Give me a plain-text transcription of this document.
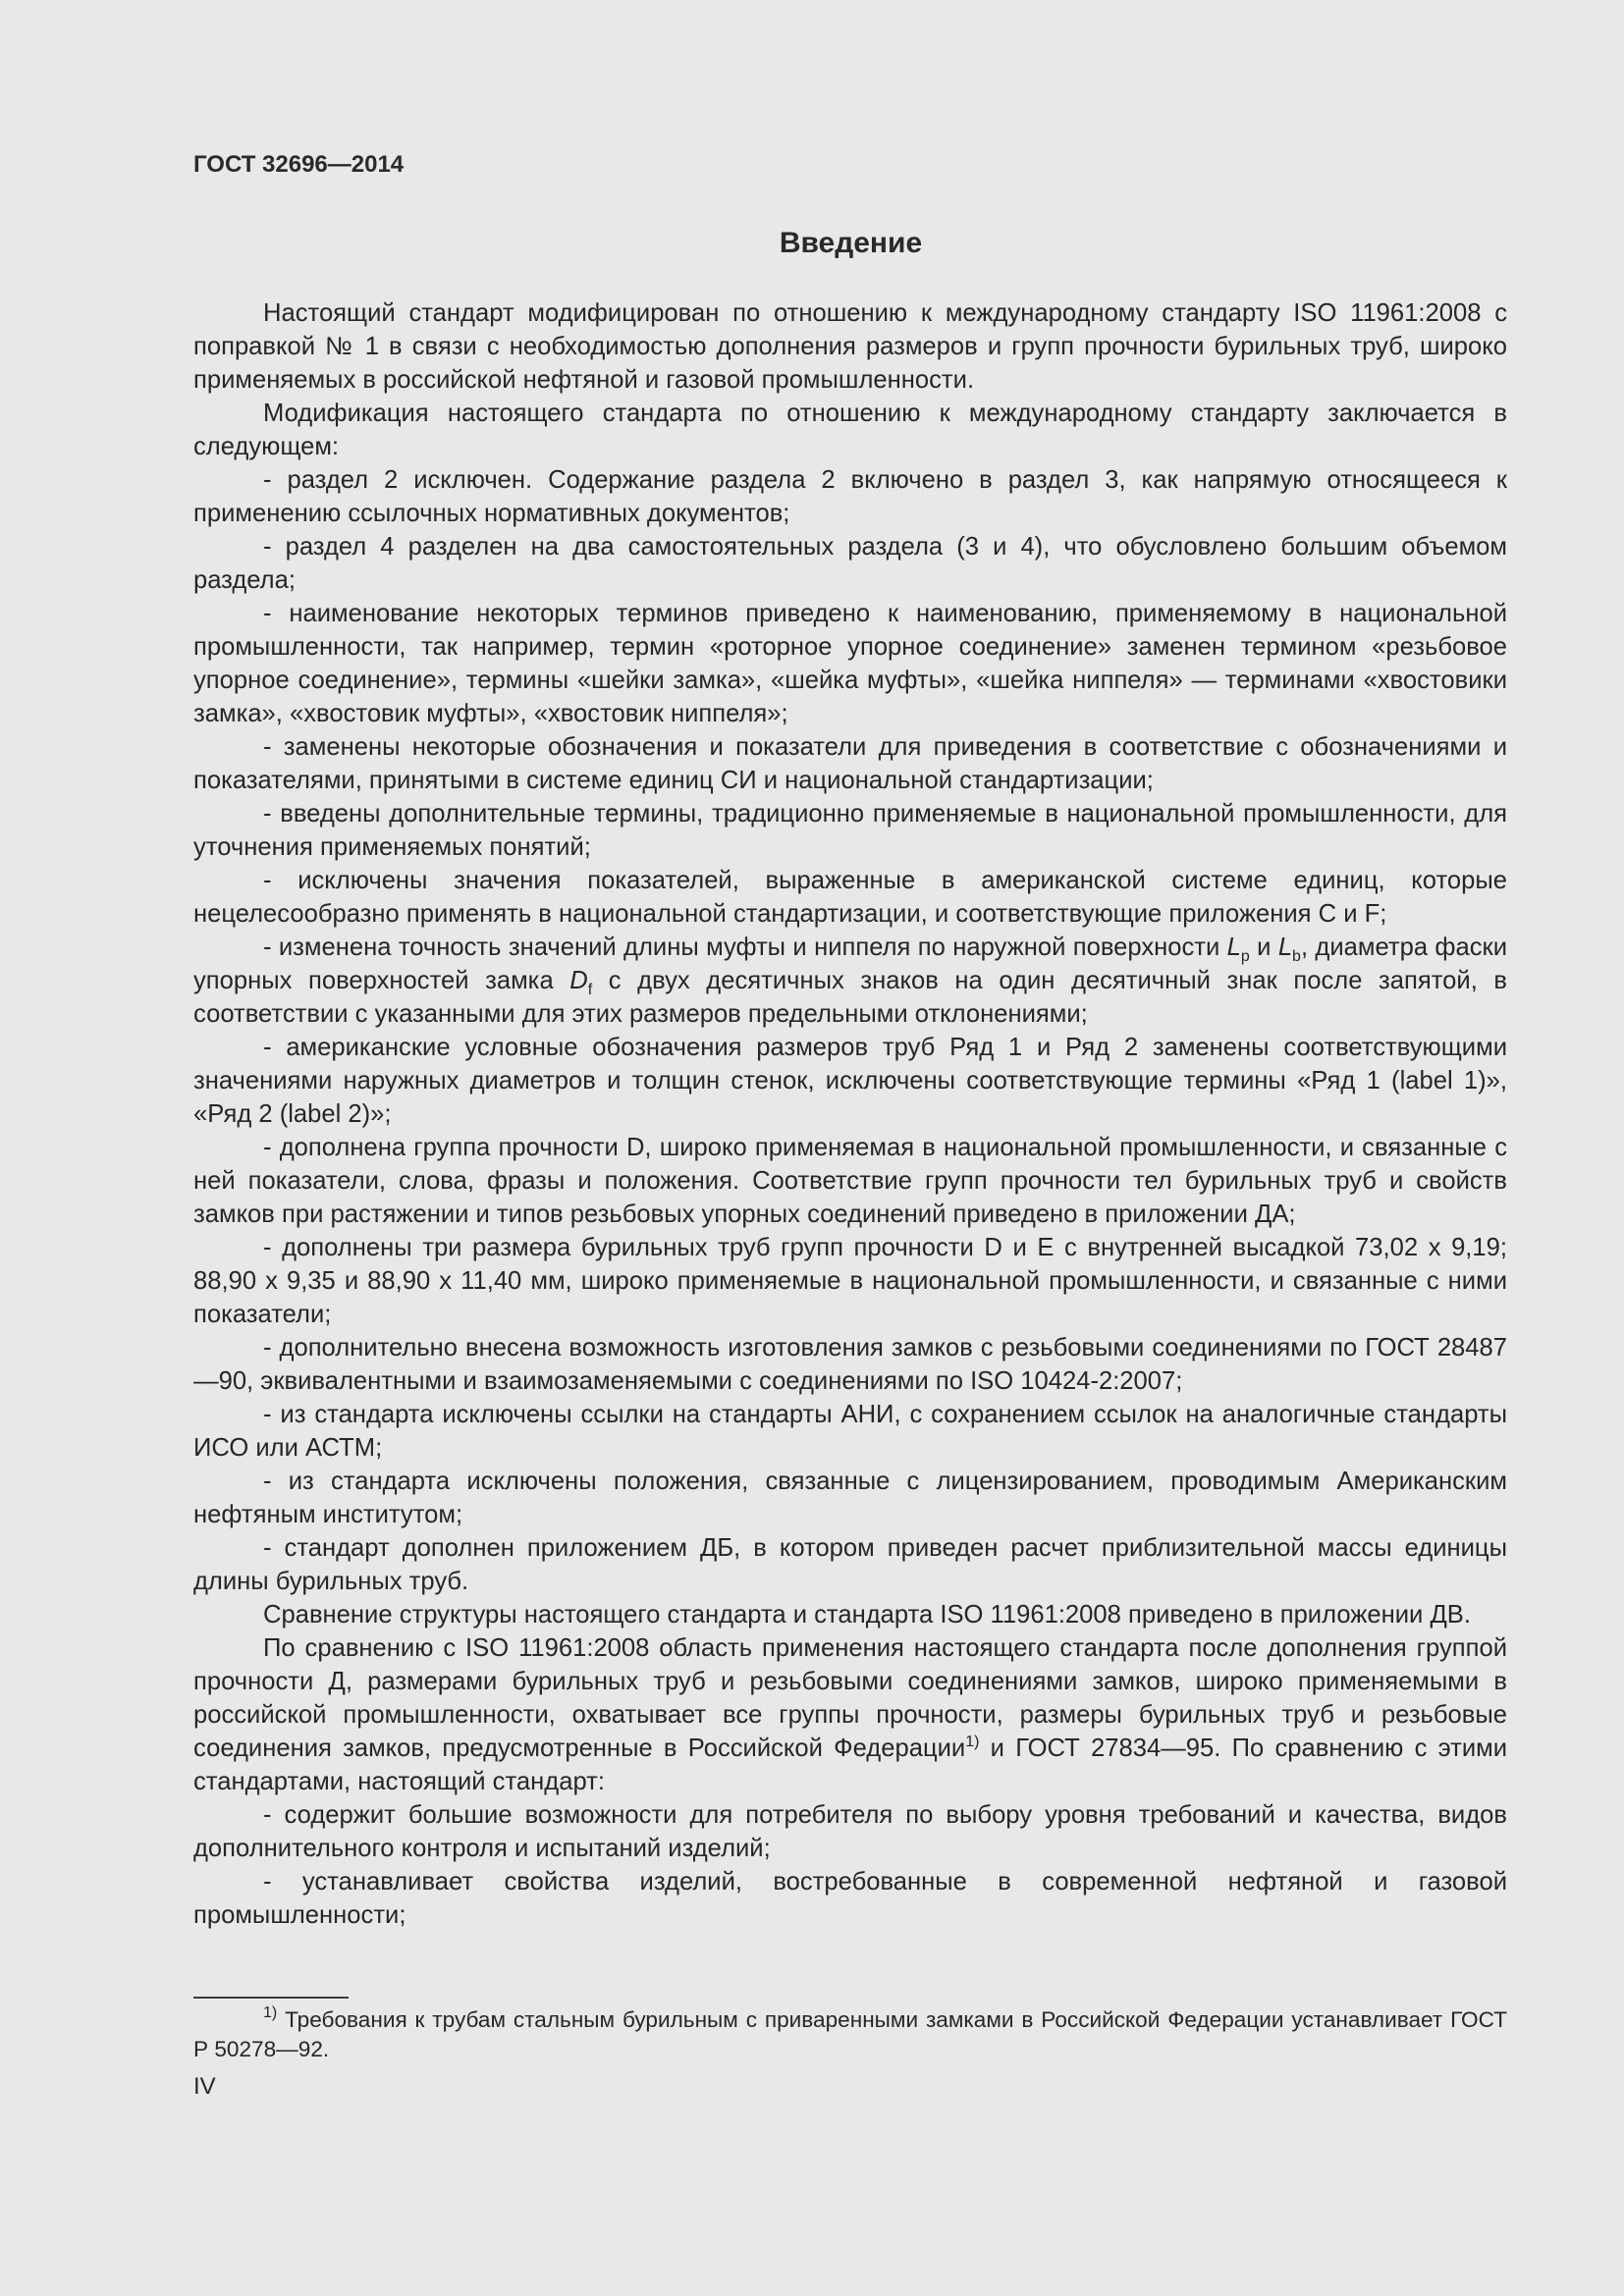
ГОСТ 32696—2014
Введение

Настоящий стандарт модифицирован по отношению к международному стандарту ISO 11961:2008 с поправкой № 1 в связи с необходимостью дополнения размеров и групп прочности бурильных труб, широко применяемых в российской нефтяной и газовой промышленности.

Модификация настоящего стандарта по отношению к международному стандарту заключается в следующем:

- раздел 2 исключен. Содержание раздела 2 включено в раздел 3, как напрямую относящееся к применению ссылочных нормативных документов;

- раздел 4 разделен на два самостоятельных раздела (3 и 4), что обусловлено большим объемом раздела;

- наименование некоторых терминов приведено к наименованию, применяемому в национальной промышленности, так например, термин «роторное упорное соединение» заменен термином «резьбовое упорное соединение», термины «шейки замка», «шейка муфты», «шейка ниппеля» — терминами «хвостовики замка», «хвостовик муфты», «хвостовик ниппеля»;

- заменены некоторые обозначения и показатели для приведения в соответствие с обозначениями и показателями, принятыми в системе единиц СИ и национальной стандартизации;

- введены дополнительные термины, традиционно применяемые в национальной промышленности, для уточнения применяемых понятий;

- исключены значения показателей, выраженные в американской системе единиц, которые нецелесообразно применять в национальной стандартизации, и соответствующие приложения C и F;

- изменена точность значений длины муфты и ниппеля по наружной поверхности $L_p$ и $L_b$, диаметра фаски упорных поверхностей замка $D_f$ с двух десятичных знаков на один десятичный знак после запятой, в соответствии с указанными для этих размеров предельными отклонениями;

- американские условные обозначения размеров труб Ряд 1 и Ряд 2 заменены соответствующими значениями наружных диаметров и толщин стенок, исключены соответствующие термины «Ряд 1 (label 1)», «Ряд 2 (label 2)»;

- дополнена группа прочности D, широко применяемая в национальной промышленности, и связанные с ней показатели, слова, фразы и положения. Соответствие групп прочности тел бурильных труб и свойств замков при растяжении и типов резьбовых упорных соединений приведено в приложении ДА;

- дополнены три размера бурильных труб групп прочности D и E с внутренней высадкой 73,02 x 9,19; 88,90 x 9,35 и 88,90 x 11,40 мм, широко применяемые в национальной промышленности, и связанные с ними показатели;

- дополнительно внесена возможность изготовления замков с резьбовыми соединениями по ГОСТ 28487—90, эквивалентными и взаимозаменяемыми с соединениями по ISO 10424-2:2007;

- из стандарта исключены ссылки на стандарты АНИ, с сохранением ссылок на аналогичные стандарты ИСО или АСТМ;

- из стандарта исключены положения, связанные с лицензированием, проводимым Американским нефтяным институтом;

- стандарт дополнен приложением ДБ, в котором приведен расчет приблизительной массы единицы длины бурильных труб.

Сравнение структуры настоящего стандарта и стандарта ISO 11961:2008 приведено в приложении ДВ.

По сравнению с ISO 11961:2008 область применения настоящего стандарта после дополнения группой прочности Д, размерами бурильных труб и резьбовыми соединениями замков, широко применяемыми в российской промышленности, охватывает все группы прочности, размеры бурильных труб и резьбовые соединения замков, предусмотренные в Российской Федерации$^{1)}$ и ГОСТ 27834—95. По сравнению с этими стандартами, настоящий стандарт:

- содержит большие возможности для потребителя по выбору уровня требований и качества, видов дополнительного контроля и испытаний изделий;

- устанавливает свойства изделий, востребованные в современной нефтяной и газовой промышленности;

$^{1)}$ Требования к трубам стальным бурильным с приваренными замками в Российской Федерации устанавливает ГОСТ Р 50278—92.

IV
